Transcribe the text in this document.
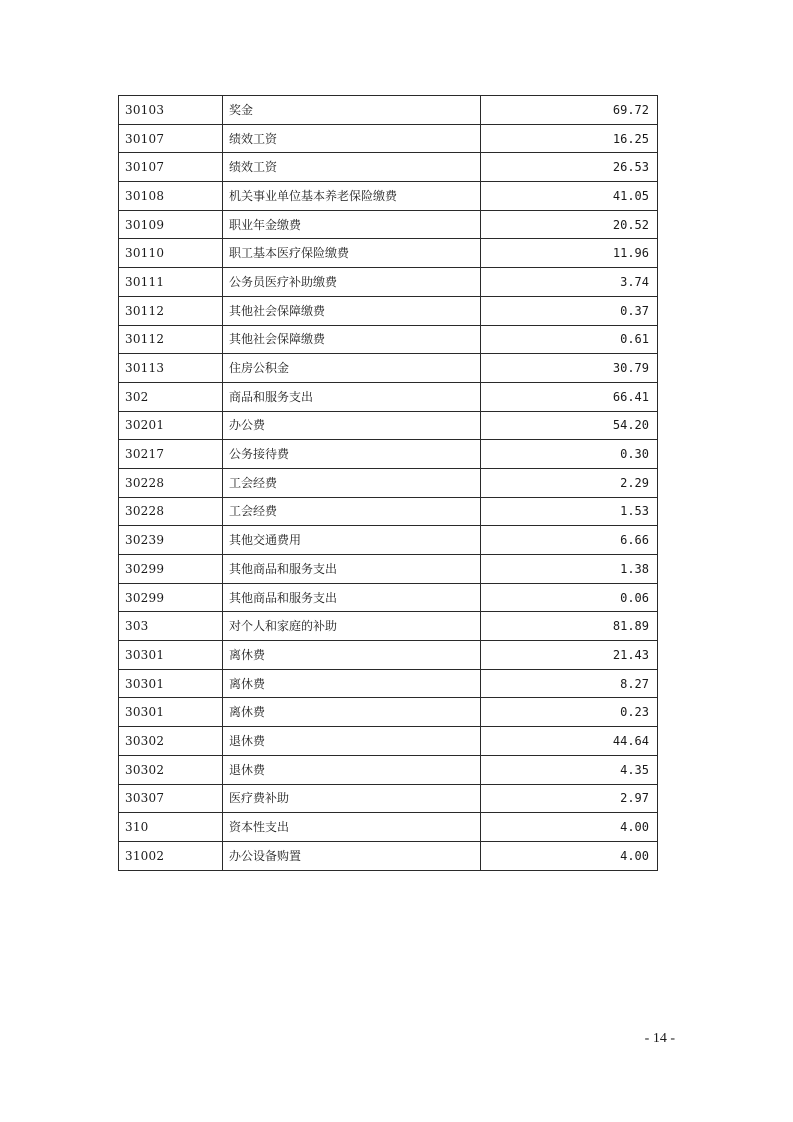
30103	奖金	69.72
30107	绩效工资	16.25
30107	绩效工资	26.53
30108	机关事业单位基本养老保险缴费	41.05
30109	职业年金缴费	20.52
30110	职工基本医疗保险缴费	11.96
30111	公务员医疗补助缴费	3.74
30112	其他社会保障缴费	0.37
30112	其他社会保障缴费	0.61
30113	住房公积金	30.79
302	商品和服务支出	66.41
30201	办公费	54.20
30217	公务接待费	0.30
30228	工会经费	2.29
30228	工会经费	1.53
30239	其他交通费用	6.66
30299	其他商品和服务支出	1.38
30299	其他商品和服务支出	0.06
303	对个人和家庭的补助	81.89
30301	离休费	21.43
30301	离休费	8.27
30301	离休费	0.23
30302	退休费	44.64
30302	退休费	4.35
30307	医疗费补助	2.97
310	资本性支出	4.00
31002	办公设备购置	4.00
- 14 -
